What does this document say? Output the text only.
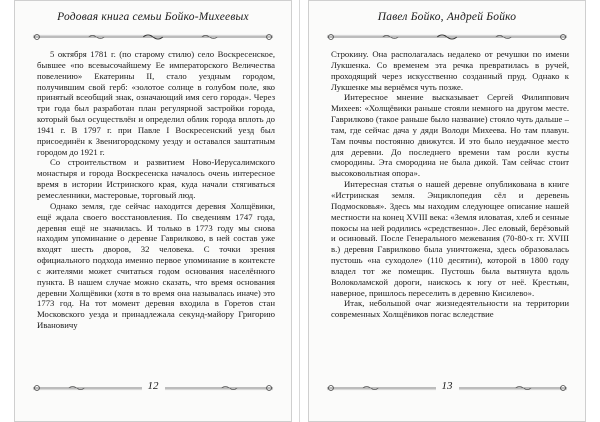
Родовая книга семьи Бойко-Михеевых

5 октября 1781 г. (по старому стилю) село Воскресенское, бывшее «по всевысочайшему Ее императорского Величества повелению» Екатерины II, стало уездным городом, получившим свой герб: «золотое солнце в голубом поле, яко принятый всеобщий знак, означающий имя сего города». Через три года был разработан план регулярной застройки города, который был осуществлён и определил облик города вплоть до 1941 г. В 1797 г. при Павле I Воскресенский уезд был присоединён к Звенигородскому уезду и оставался заштатным городом до 1921 г.

Со строительством и развитием Ново-Иерусалимского монастыря и города Воскресенска началось очень интересное время в истории Истринского края, куда начали стягиваться ремесленники, мастеровые, торговый люд.

Однако земля, где сейчас находится деревня Холщёвики, ещё ждала своего восстановления. По сведениям 1747 года, деревня ещё не значилась. И только в 1773 году мы снова находим упоминание о деревне Гаврилково, в ней состав уже входят шесть дворов, 32 человека. С точки зрения официального подхода именно первое упоминание в контексте с жителями может считаться годом основания населённого пункта. В нашем случае можно сказать, что время основания деревни Холщёвики (хотя в то время она называлась иначе) это 1773 год. На тот момент деревня входила в Горетов стан Московского уезда и принадлежала секунд-майору Григорию Ивановичу

12
Павел Бойко, Андрей Бойко

Строкину. Она располагалась недалеко от речушки по имени Лукшенка. Со временем эта речка превратилась в ручей, проходящий через искусственно созданный пруд. Однако к Лукшенке мы вернёмся чуть позже.

Интересное мнение высказывает Сергей Филиппович Михеев: «Холщёвики раньше стояли немного на другом месте. Гаврилково (такое раньше было название) стояло чуть дальше – там, где сейчас дача у дяди Володи Михеева. Но там плавун. Там почвы постоянно движутся. И это было неудачное место для деревни. До последнего времени там росли кусты смородины. Эта смородина не была дикой. Там сейчас стоит высоковольтная опора».

Интересная статья о нашей деревне опубликована в книге «Истринская земля. Энциклопедия сёл и деревень Подмосковья». Здесь мы находим следующее описание нашей местности на конец XVIII века: «Земля иловатая, хлеб и сенные покосы на ней родились «средственно». Лес еловый, берёзовый и осиновый. После Генерального межевания (70-80-х гг. XVIII в.) деревня Гаврилково была уничтожена, здесь образовалась пустошь «на суходоле» (110 десятин), которой в 1800 году владел тот же помещик. Пустошь была вытянута вдоль Волоколамской дороги, наискось к югу от неё. Крестьян, наверное, пришлось переселить в деревню Кисилево».

Итак, небольшой очаг жизнедеятельности на территории современных Холщёвиков погас вследствие

13
